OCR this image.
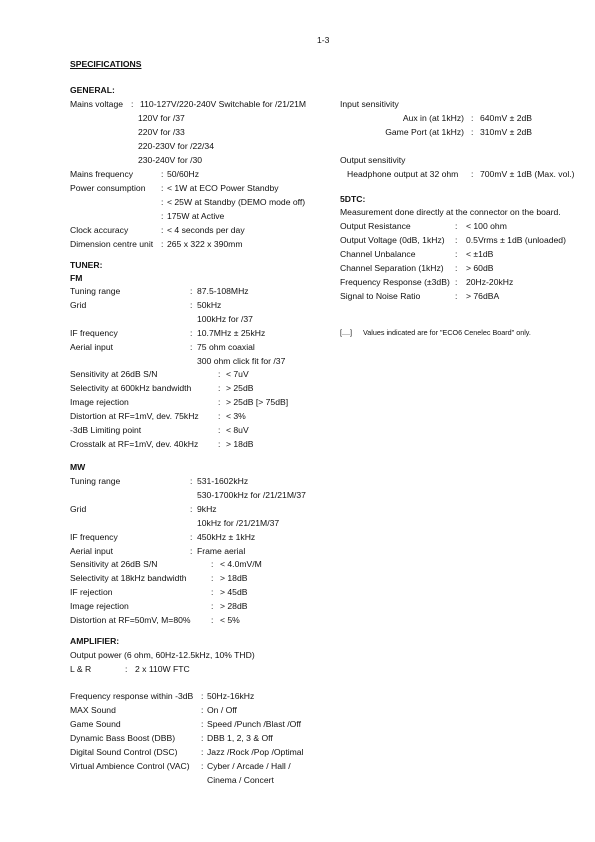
1-3
SPECIFICATIONS
GENERAL:
Mains voltage : 110-127V/220-240V Switchable for /21/21M
120V for /37
220V for /33
220-230V for /22/34
230-240V for /30
Mains frequency	: 50/60Hz
Power consumption : < 1W at ECO Power Standby
: < 25W at Standby (DEMO mode off)
: 175W at Active
Clock accuracy	: < 4 seconds per day
Dimension centre unit : 265 x 322 x 390mm
TUNER:
FM
Tuning range	: 87.5-108MHz
Grid	: 50kHz
100kHz for /37
IF frequency	: 10.7MHz ± 25kHz
Aerial input	: 75 ohm coaxial
300 ohm click fit for /37
Sensitivity at 26dB S/N	: < 7uV
Selectivity at 600kHz bandwidth	: > 25dB
Image rejection	: > 25dB [> 75dB]
Distortion at RF=1mV, dev. 75kHz : < 3%
-3dB Limiting point	: < 8uV
Crosstalk at RF=1mV, dev. 40kHz : > 18dB
MW
Tuning range	: 531-1602kHz
530-1700kHz for /21/21M/37
Grid	: 9kHz
10kHz for /21/21M/37
IF frequency	: 450kHz ± 1kHz
Aerial input	: Frame aerial
Sensitivity at 26dB S/N	: < 4.0mV/M
Selectivity at 18kHz bandwidth	: > 18dB
IF rejection	: > 45dB
Image rejection	: > 28dB
Distortion at RF=50mV, M=80% : < 5%
AMPLIFIER:
Output power (6 ohm, 60Hz-12.5kHz, 10% THD)
L & R	: 2 x 110W FTC
Frequency response within -3dB : 50Hz-16kHz
MAX Sound	: On / Off
Game Sound	: Speed /Punch /Blast /Off
Dynamic Bass Boost (DBB)	: DBB 1, 2, 3 & Off
Digital Sound Control (DSC)	: Jazz /Rock /Pop /Optimal
Virtual Ambience Control (VAC) : Cyber / Arcade / Hall /
Cinema / Concert
Input sensitivity
Aux in (at 1kHz) : 640mV ± 2dB
Game Port (at 1kHz) : 310mV ± 2dB
Output sensitivity
Headphone output at 32 ohm : 700mV ± 1dB (Max. vol.)
5DTC:
Measurement done directly at the connector on the board.
Output Resistance	: < 100 ohm
Output Voltage (0dB, 1kHz) : 0.5Vrms ± 1dB (unloaded)
Channel Unbalance	: < ±1dB
Channel Separation (1kHz) : > 60dB
Frequency Response (±3dB) : 20Hz-20kHz
Signal to Noise Ratio	: > 76dBA
[....] Values indicated are for "ECO6 Cenelec Board" only.
